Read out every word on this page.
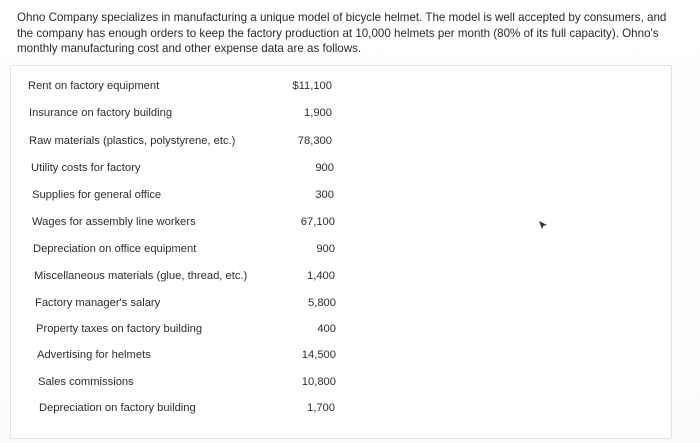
Ohno Company specializes in manufacturing a unique model of bicycle helmet. The model is well accepted by consumers, and the company has enough orders to keep the factory production at 10,000 helmets per month (80% of its full capacity). Ohno's monthly manufacturing cost and other expense data are as follows.

Rent on factory equipment	$11,100
Insurance on factory building	1,900
Raw materials (plastics, polystyrene, etc.)	78,300
Utility costs for factory	900
Supplies for general office	300
Wages for assembly line workers	67,100
Depreciation on office equipment	900
Miscellaneous materials (glue, thread, etc.)	1,400
Factory manager's salary	5,800
Property taxes on factory building	400
Advertising for helmets	14,500
Sales commissions	10,800
Depreciation on factory building	1,700
